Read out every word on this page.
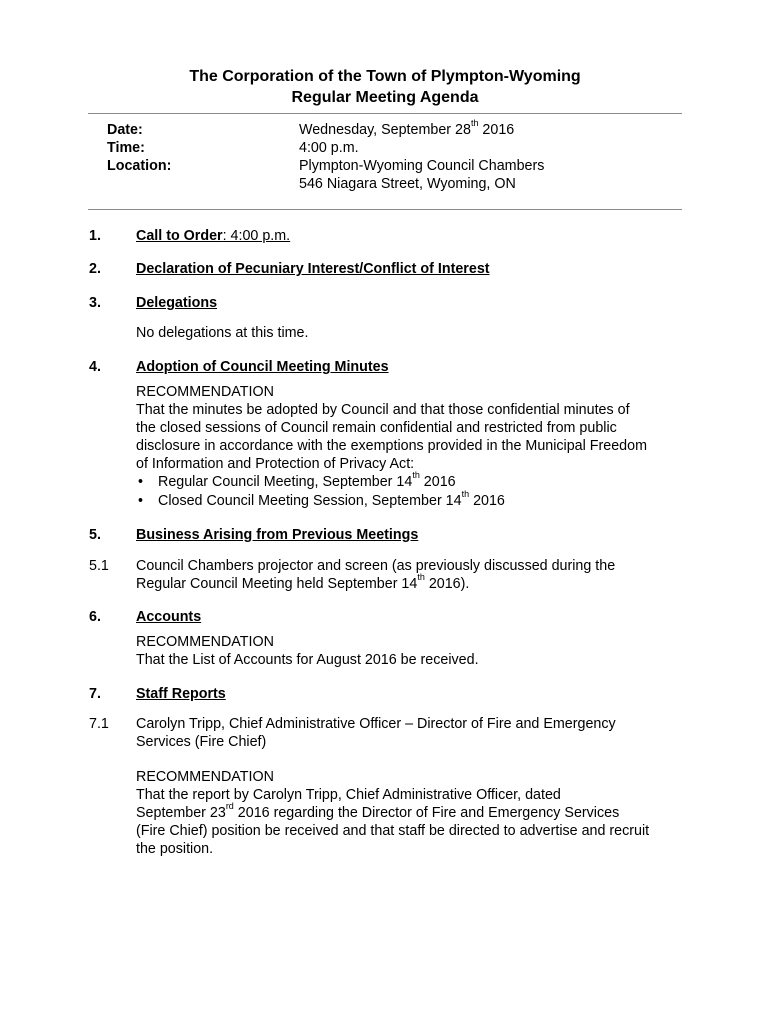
The Corporation of the Town of Plympton-Wyoming
Regular Meeting Agenda
Date:	Wednesday, September 28th 2016
Time:	4:00 p.m.
Location:	Plympton-Wyoming Council Chambers
546 Niagara Street, Wyoming, ON
1. Call to Order: 4:00 p.m.
2. Declaration of Pecuniary Interest/Conflict of Interest
3. Delegations
No delegations at this time.
4. Adoption of Council Meeting Minutes
RECOMMENDATION
That the minutes be adopted by Council and that those confidential minutes of
the closed sessions of Council remain confidential and restricted from public
disclosure in accordance with the exemptions provided in the Municipal Freedom
of Information and Protection of Privacy Act:
• Regular Council Meeting, September 14th 2016
• Closed Council Meeting Session, September 14th 2016
5. Business Arising from Previous Meetings
5.1 Council Chambers projector and screen (as previously discussed during the
Regular Council Meeting held September 14th 2016).
6. Accounts
RECOMMENDATION
That the List of Accounts for August 2016 be received.
7. Staff Reports
7.1 Carolyn Tripp, Chief Administrative Officer – Director of Fire and Emergency
Services (Fire Chief)
RECOMMENDATION
That the report by Carolyn Tripp, Chief Administrative Officer, dated
September 23rd 2016 regarding the Director of Fire and Emergency Services
(Fire Chief) position be received and that staff be directed to advertise and recruit
the position.
